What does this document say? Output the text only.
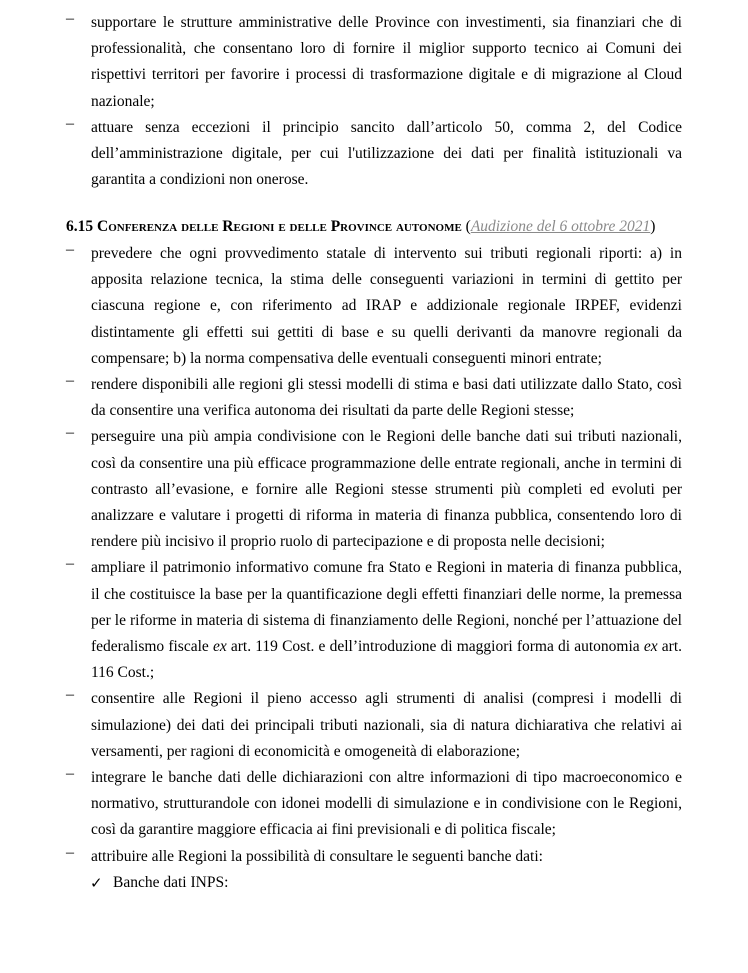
–	supportare le strutture amministrative delle Province con investimenti, sia finanziari che di professionalità, che consentano loro di fornire il miglior supporto tecnico ai Comuni dei rispettivi territori per favorire i processi di trasformazione digitale e di migrazione al Cloud nazionale;
–	attuare senza eccezioni il principio sancito dall’articolo 50, comma 2, del Codice dell’amministrazione digitale, per cui l'utilizzazione dei dati per finalità istituzionali va garantita a condizioni non onerose.
6.15 Conferenza delle Regioni e delle Province autonome (Audizione del 6 ottobre 2021)
–	prevedere che ogni provvedimento statale di intervento sui tributi regionali riporti: a) in apposita relazione tecnica, la stima delle conseguenti variazioni in termini di gettito per ciascuna regione e, con riferimento ad IRAP e addizionale regionale IRPEF, evidenzi distintamente gli effetti sui gettiti di base e su quelli derivanti da manovre regionali da compensare; b) la norma compensativa delle eventuali conseguenti minori entrate;
–	rendere disponibili alle regioni gli stessi modelli di stima e basi dati utilizzate dallo Stato, così da consentire una verifica autonoma dei risultati da parte delle Regioni stesse;
–	perseguire una più ampia condivisione con le Regioni delle banche dati sui tributi nazionali, così da consentire una più efficace programmazione delle entrate regionali, anche in termini di contrasto all’evasione, e fornire alle Regioni stesse strumenti più completi ed evoluti per analizzare e valutare i progetti di riforma in materia di finanza pubblica, consentendo loro di rendere più incisivo il proprio ruolo di partecipazione e di proposta nelle decisioni;
–	ampliare il patrimonio informativo comune fra Stato e Regioni in materia di finanza pubblica, il che costituisce la base per la quantificazione degli effetti finanziari delle norme, la premessa per le riforme in materia di sistema di finanziamento delle Regioni, nonché per l’attuazione del federalismo fiscale ex art. 119 Cost. e dell’introduzione di maggiori forma di autonomia ex art. 116 Cost.;
–	consentire alle Regioni il pieno accesso agli strumenti di analisi (compresi i modelli di simulazione) dei dati dei principali tributi nazionali, sia di natura dichiarativa che relativi ai versamenti, per ragioni di economicità e omogeneità di elaborazione;
–	integrare le banche dati delle dichiarazioni con altre informazioni di tipo macroeconomico e normativo, strutturandole con idonei modelli di simulazione e in condivisione con le Regioni, così da garantire maggiore efficacia ai fini previsionali e di politica fiscale;
–	attribuire alle Regioni la possibilità di consultare le seguenti banche dati:
✓ Banche dati INPS:
